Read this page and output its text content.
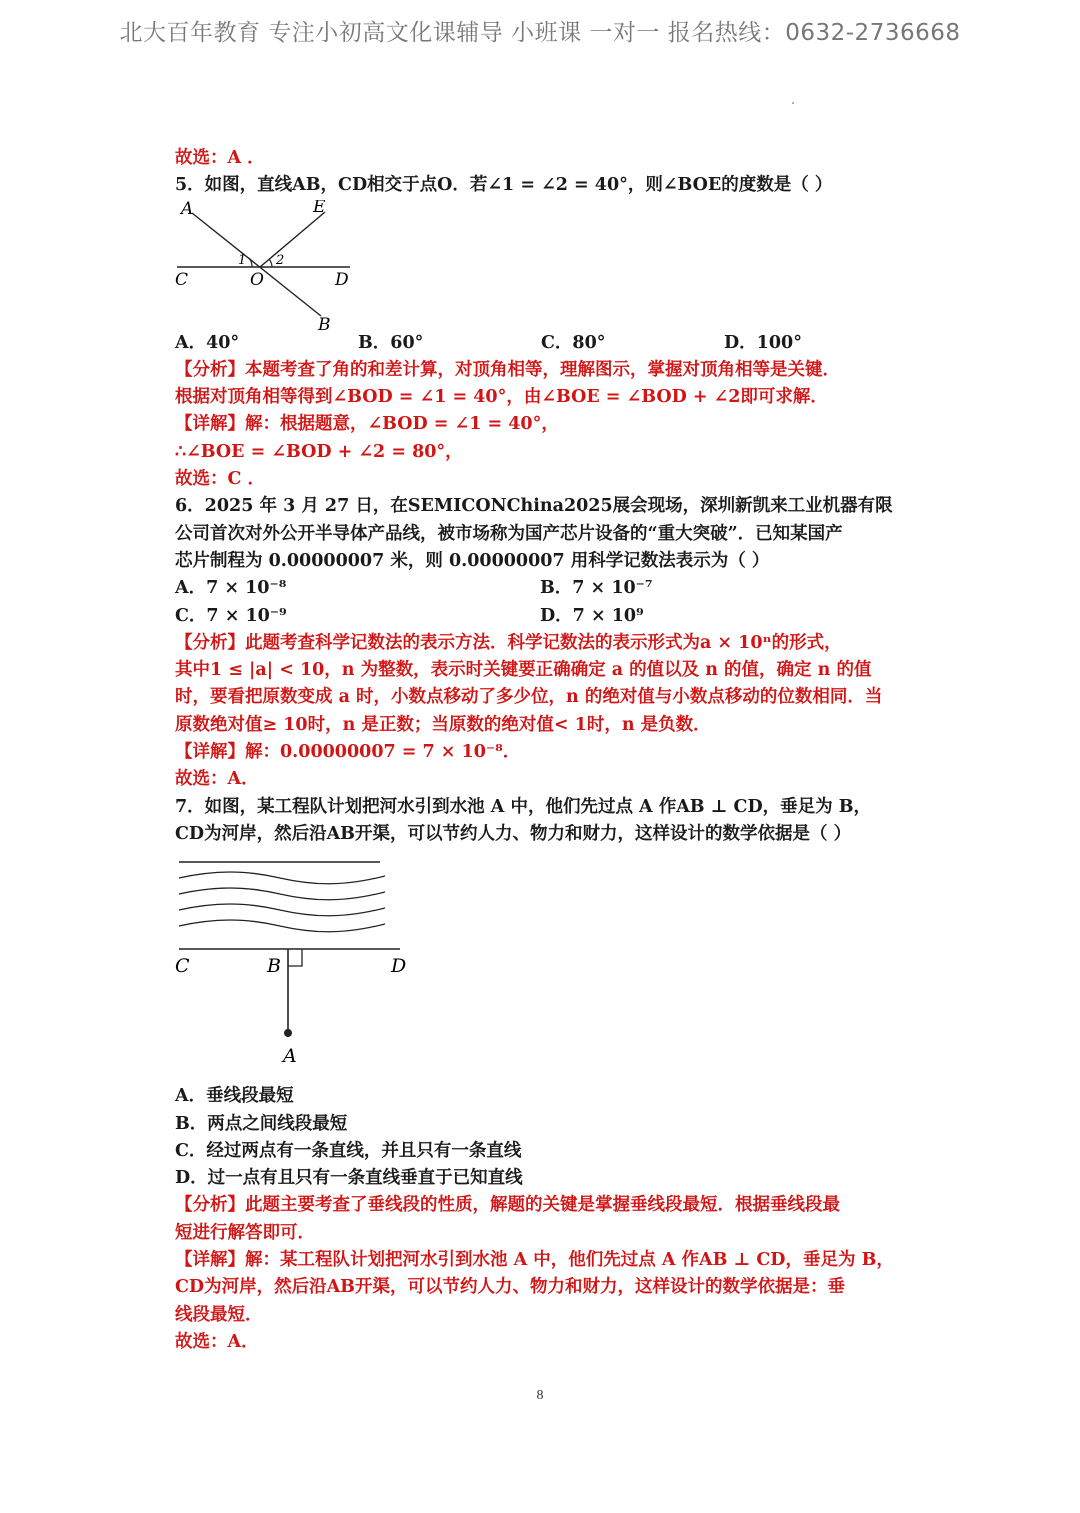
北大百年教育 专注小初高文化课辅导 小班课 一对一 报名热线：0632-2736668
故选：A ．
5．如图，直线AB，CD相交于点O．若∠1 = ∠2 = 40°，则∠BOE的度数是（ ）
A	E
C	O	D
B
1 2
A．40°	B．60°	C．80°	D．100°
【分析】本题考查了角的和差计算，对顶角相等，理解图示，掌握对顶角相等是关键．
根据对顶角相等得到∠BOD = ∠1 = 40°，由∠BOE = ∠BOD + ∠2即可求解．
【详解】解：根据题意，∠BOD = ∠1 = 40°，
∴∠BOE = ∠BOD + ∠2 = 80°，
故选：C ．
6．2025 年 3 月 27 日，在SEMICONChina2025展会现场，深圳新凯来工业机器有限
公司首次对外公开半导体产品线，被市场称为国产芯片设备的“重大突破”．已知某国产
芯片制程为 0.00000007 米，则 0.00000007 用科学记数法表示为（ ）
A．7 × 10⁻⁸	B．7 × 10⁻⁷
C．7 × 10⁻⁹	D．7 × 10⁹
【分析】此题考查科学记数法的表示方法．科学记数法的表示形式为a × 10ⁿ的形式，
其中1 ≤ |a| < 10，n 为整数，表示时关键要正确确定 a 的值以及 n 的值，确定 n 的值
时，要看把原数变成 a 时，小数点移动了多少位，n 的绝对值与小数点移动的位数相同．当
原数绝对值≥ 10时，n 是正数；当原数的绝对值< 1时，n 是负数．
【详解】解：0.00000007 = 7 × 10⁻⁸．
故选：A．
7．如图，某工程队计划把河水引到水池 A 中，他们先过点 A 作AB ⊥ CD，垂足为 B，
CD为河岸，然后沿AB开渠，可以节约人力、物力和财力，这样设计的数学依据是（ ）
C	B	D
A
A．垂线段最短
B．两点之间线段最短
C．经过两点有一条直线，并且只有一条直线
D．过一点有且只有一条直线垂直于已知直线
【分析】此题主要考查了垂线段的性质，解题的关键是掌握垂线段最短．根据垂线段最
短进行解答即可．
【详解】解：某工程队计划把河水引到水池 A 中，他们先过点 A 作AB ⊥ CD，垂足为 B，
CD为河岸，然后沿AB开渠，可以节约人力、物力和财力，这样设计的数学依据是：垂
线段最短．
故选：A．
8
